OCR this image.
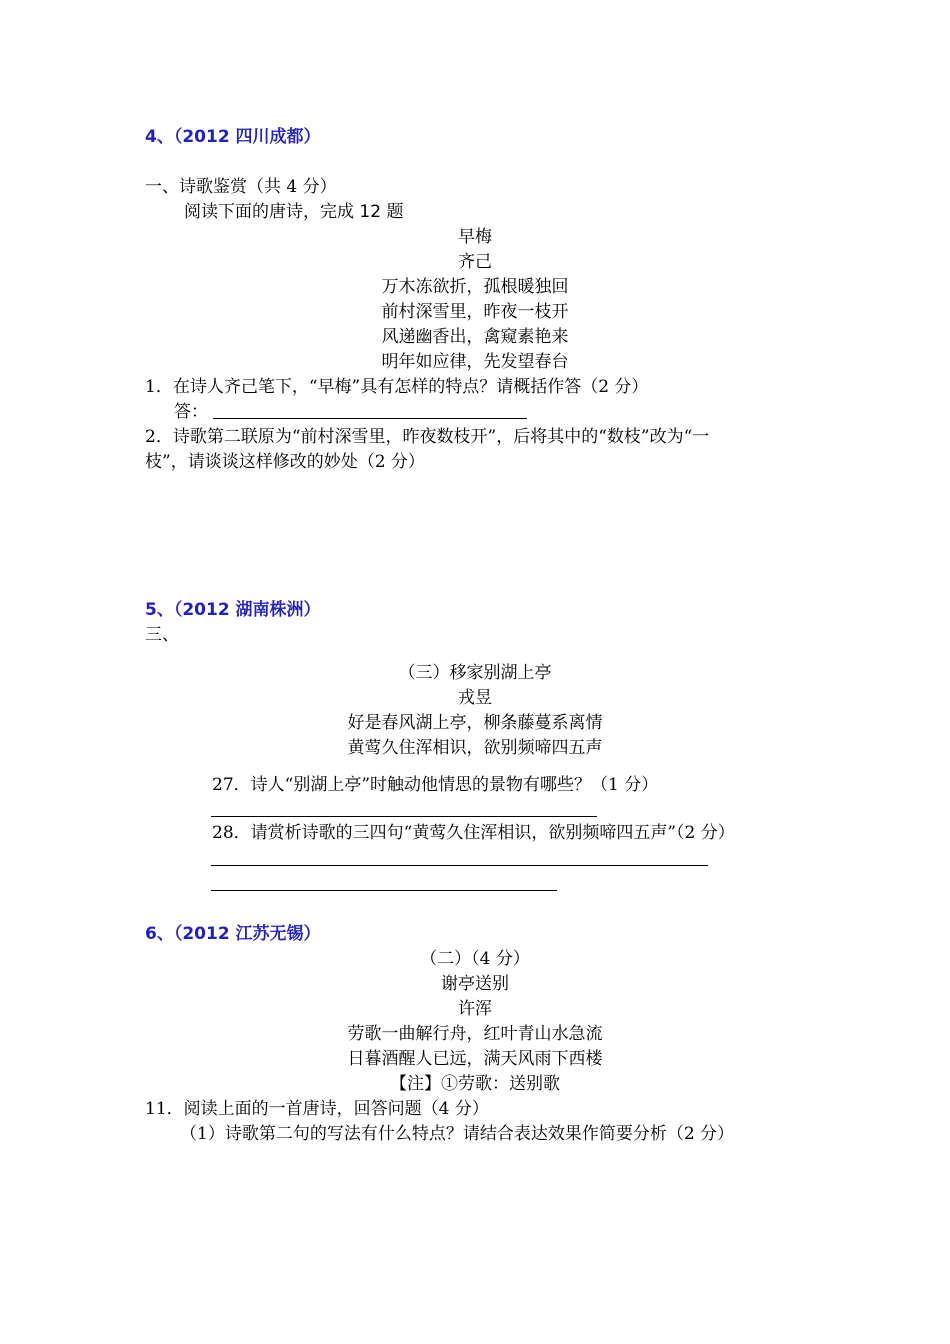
4、（2012 四川成都）
一、诗歌鉴赏（共 4 分）
阅读下面的唐诗，完成 12 题
早梅
齐己
万木冻欲折，孤根暖独回
前村深雪里，昨夜一枝开
风递幽香出，禽窥素艳来
明年如应律，先发望春台
1．在诗人齐己笔下，“早梅”具有怎样的特点？请概括作答（2 分）
答：
2．诗歌第二联原为“前村深雪里，昨夜数枝开”，后将其中的“数枝”改为“一
枝”，请谈谈这样修改的妙处（2 分）
5、（2012 湖南株洲）
三、
（三）移家别湖上亭
戎昱
好是春风湖上亭，柳条藤蔓系离情
黄莺久住浑相识，欲别频啼四五声
27．诗人“别湖上亭”时触动他情思的景物有哪些？（1 分）
28．请赏析诗歌的三四句“黄莺久住浑相识，欲别频啼四五声”（2 分）
6、（2012 江苏无锡）
（二）（4 分）
谢亭送别
许浑
劳歌一曲解行舟，红叶青山水急流
日暮酒醒人已远，满天风雨下西楼
【注】①劳歌：送别歌
11．阅读上面的一首唐诗，回答问题（4 分）
（1）诗歌第二句的写法有什么特点？请结合表达效果作简要分析（2 分）
